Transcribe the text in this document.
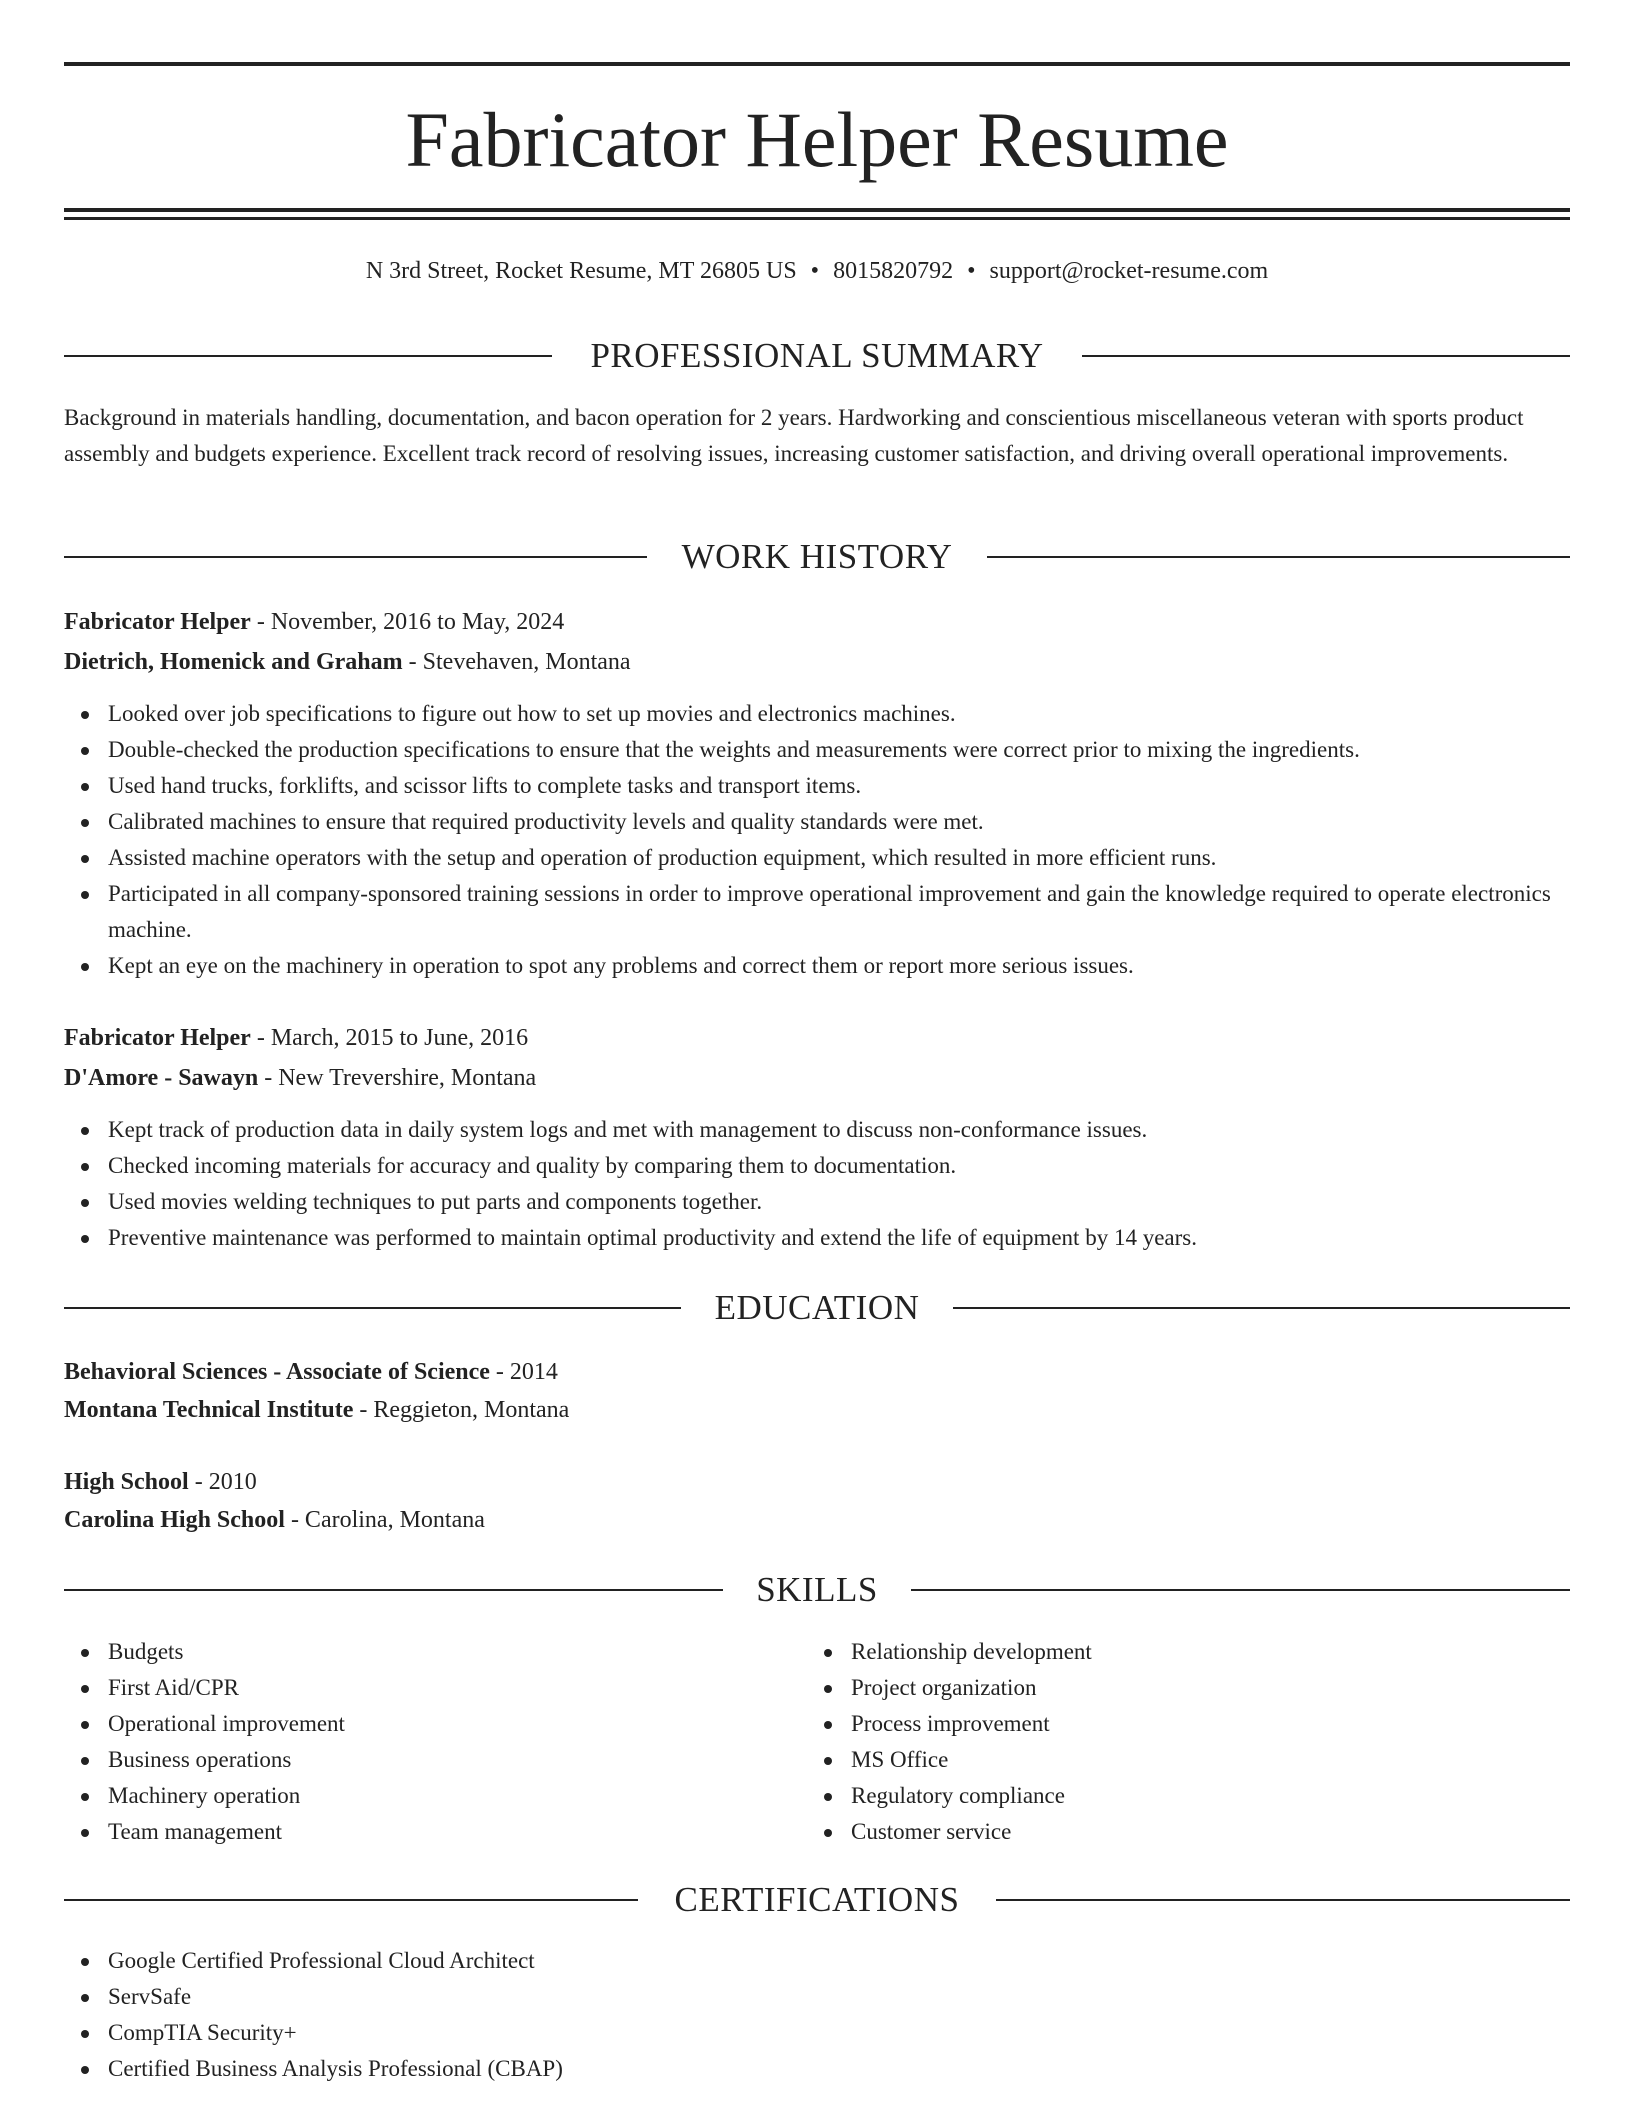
Fabricator Helper Resume
N 3rd Street, Rocket Resume, MT 26805 US • 8015820792 • support@rocket-resume.com
PROFESSIONAL SUMMARY
Background in materials handling, documentation, and bacon operation for 2 years. Hardworking and conscientious miscellaneous veteran with sports product assembly and budgets experience. Excellent track record of resolving issues, increasing customer satisfaction, and driving overall operational improvements.
WORK HISTORY
Fabricator Helper - November, 2016 to May, 2024
Dietrich, Homenick and Graham - Stevehaven, Montana
Looked over job specifications to figure out how to set up movies and electronics machines.
Double-checked the production specifications to ensure that the weights and measurements were correct prior to mixing the ingredients.
Used hand trucks, forklifts, and scissor lifts to complete tasks and transport items.
Calibrated machines to ensure that required productivity levels and quality standards were met.
Assisted machine operators with the setup and operation of production equipment, which resulted in more efficient runs.
Participated in all company-sponsored training sessions in order to improve operational improvement and gain the knowledge required to operate electronics machine.
Kept an eye on the machinery in operation to spot any problems and correct them or report more serious issues.
Fabricator Helper - March, 2015 to June, 2016
D'Amore - Sawayn - New Trevershire, Montana
Kept track of production data in daily system logs and met with management to discuss non-conformance issues.
Checked incoming materials for accuracy and quality by comparing them to documentation.
Used movies welding techniques to put parts and components together.
Preventive maintenance was performed to maintain optimal productivity and extend the life of equipment by 14 years.
EDUCATION
Behavioral Sciences - Associate of Science - 2014
Montana Technical Institute - Reggieton, Montana
High School - 2010
Carolina High School - Carolina, Montana
SKILLS
Budgets
First Aid/CPR
Operational improvement
Business operations
Machinery operation
Team management
Relationship development
Project organization
Process improvement
MS Office
Regulatory compliance
Customer service
CERTIFICATIONS
Google Certified Professional Cloud Architect
ServSafe
CompTIA Security+
Certified Business Analysis Professional (CBAP)
